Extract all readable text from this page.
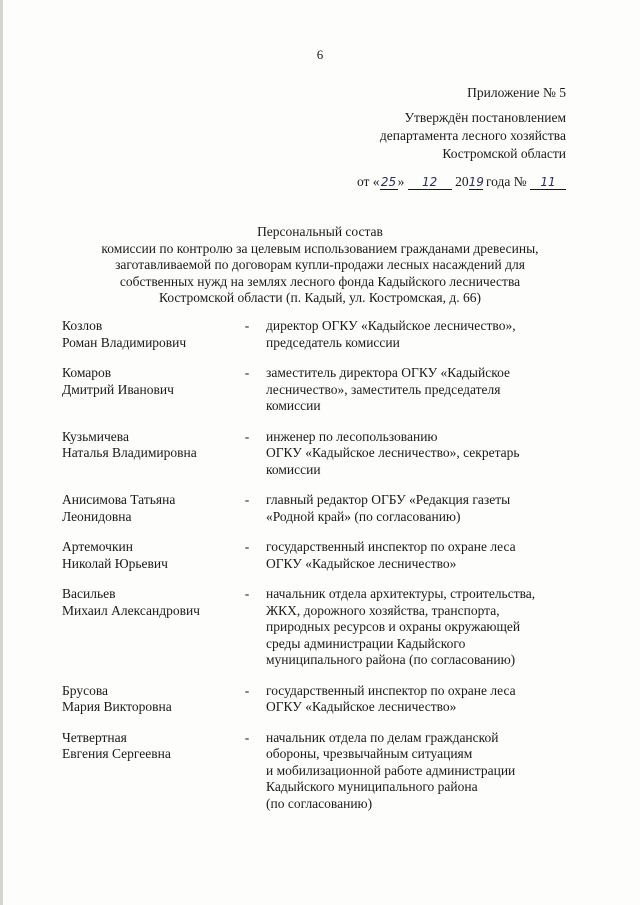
6
Приложение № 5
Утверждён постановлением
департамента лесного хозяйства
Костромской области
от «25» 12 2019 года № 11
Персональный состав
комиссии по контролю за целевым использованием гражданами древесины,
заготавливаемой по договорам купли-продажи лесных насаждений для
собственных нужд на землях лесного фонда Кадыйского лесничества
Костромской области (п. Кадый, ул. Костромская, д. 66)
Козлов
Роман Владимирович
-	директор ОГКУ «Кадыйское лесничество»,
председатель комиссии
Комаров
Дмитрий Иванович
-	заместитель директора ОГКУ «Кадыйское
лесничество», заместитель председателя
комиссии
Кузьмичева
Наталья Владимировна
-	инженер по лесопользованию
ОГКУ «Кадыйское лесничество», секретарь
комиссии
Анисимова Татьяна
Леонидовна
-	главный редактор ОГБУ «Редакция газеты
«Родной край» (по согласованию)
Артемочкин
Николай Юрьевич
-	государственный инспектор по охране леса
ОГКУ «Кадыйское лесничество»
Васильев
Михаил Александрович
-	начальник отдела архитектуры, строительства,
ЖКХ, дорожного хозяйства, транспорта,
природных ресурсов и охраны окружающей
среды администрации Кадыйского
муниципального района (по согласованию)
Брусова
Мария Викторовна
-	государственный инспектор по охране леса
ОГКУ «Кадыйское лесничество»
Четвертная
Евгения Сергеевна
-	начальник отдела по делам гражданской
обороны, чрезвычайным ситуациям
и мобилизационной работе администрации
Кадыйского муниципального района
(по согласованию)
